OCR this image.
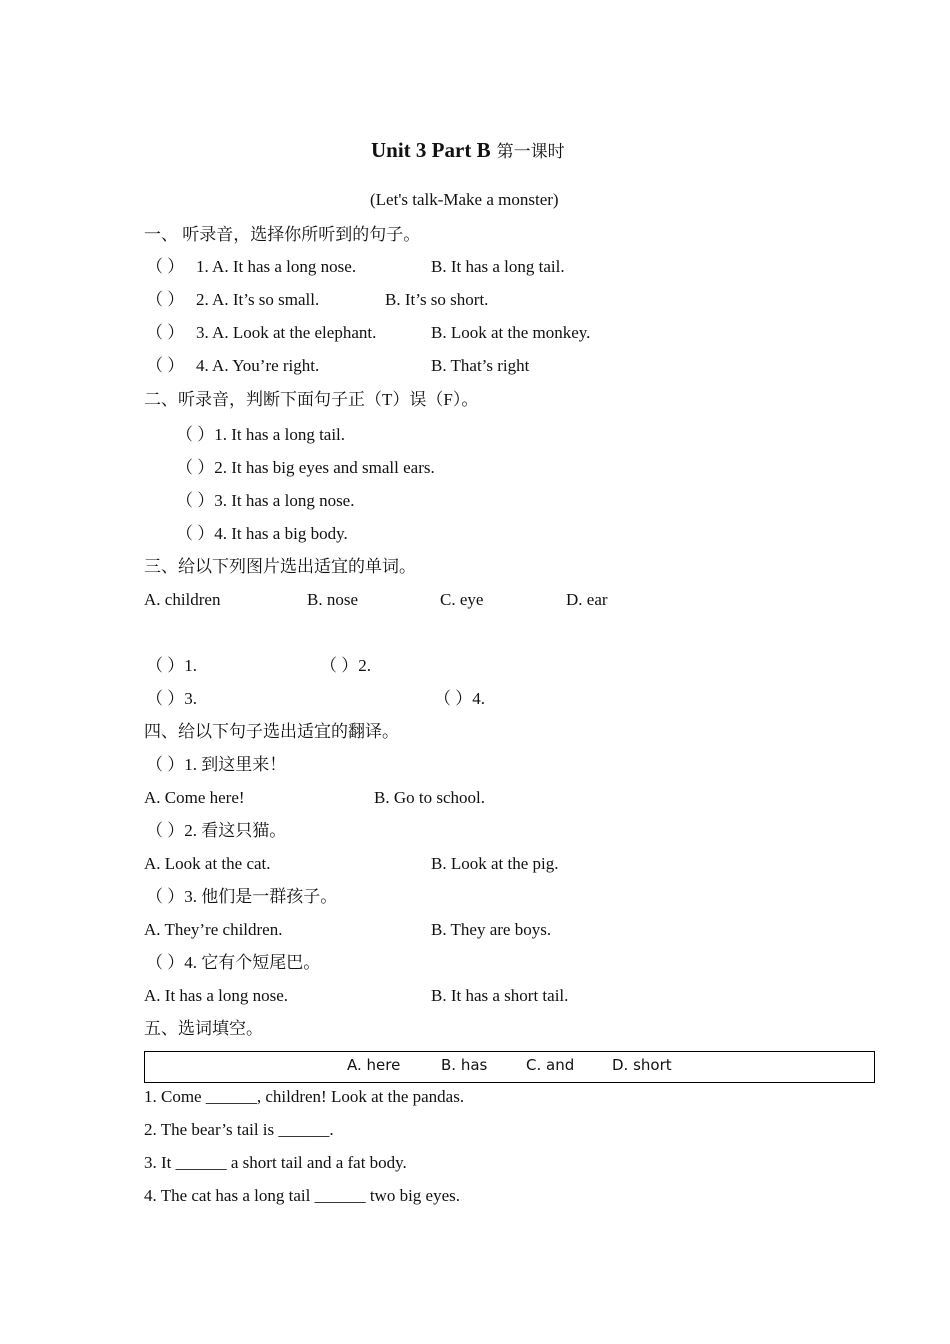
Unit 3 Part B 第一课时
(Let's talk-Make a monster)
一、 听录音，选择你所听到的句子。
（ ） 1. A. It has a long nose.	B. It has a long tail.
（ ） 2. A. It’s so small.	B. It’s so short.
（ ） 3. A. Look at the elephant.	B. Look at the monkey.
（ ） 4. A. You’re right.	B. That’s right
二、听录音，判断下面句子正（T）误（F）。
（ ）1. It has a long tail.
（ ）2. It has big eyes and small ears.
（ ）3. It has a long nose.
（ ）4. It has a big body.
三、给以下列图片选出适宜的单词。
A. children	B. nose	C. eye	D. ear
（ ）1.	（ ）2.
（ ）3.	（ ）4.
四、给以下句子选出适宜的翻译。
（ ）1. 到这里来！
A. Come here!	B. Go to school.
（ ）2. 看这只猫。
A. Look at the cat.	B. Look at the pig.
（ ）3. 他们是一群孩子。
A. They’re children.	B. They are boys.
（ ）4. 它有个短尾巴。
A. It has a long nose.	B. It has a short tail.
五、选词填空。
A. here	B. has	C. and	D. short
1. Come ______, children! Look at the pandas.
2. The bear’s tail is ______.
3. It ______ a short tail and a fat body.
4. The cat has a long tail ______ two big eyes.
